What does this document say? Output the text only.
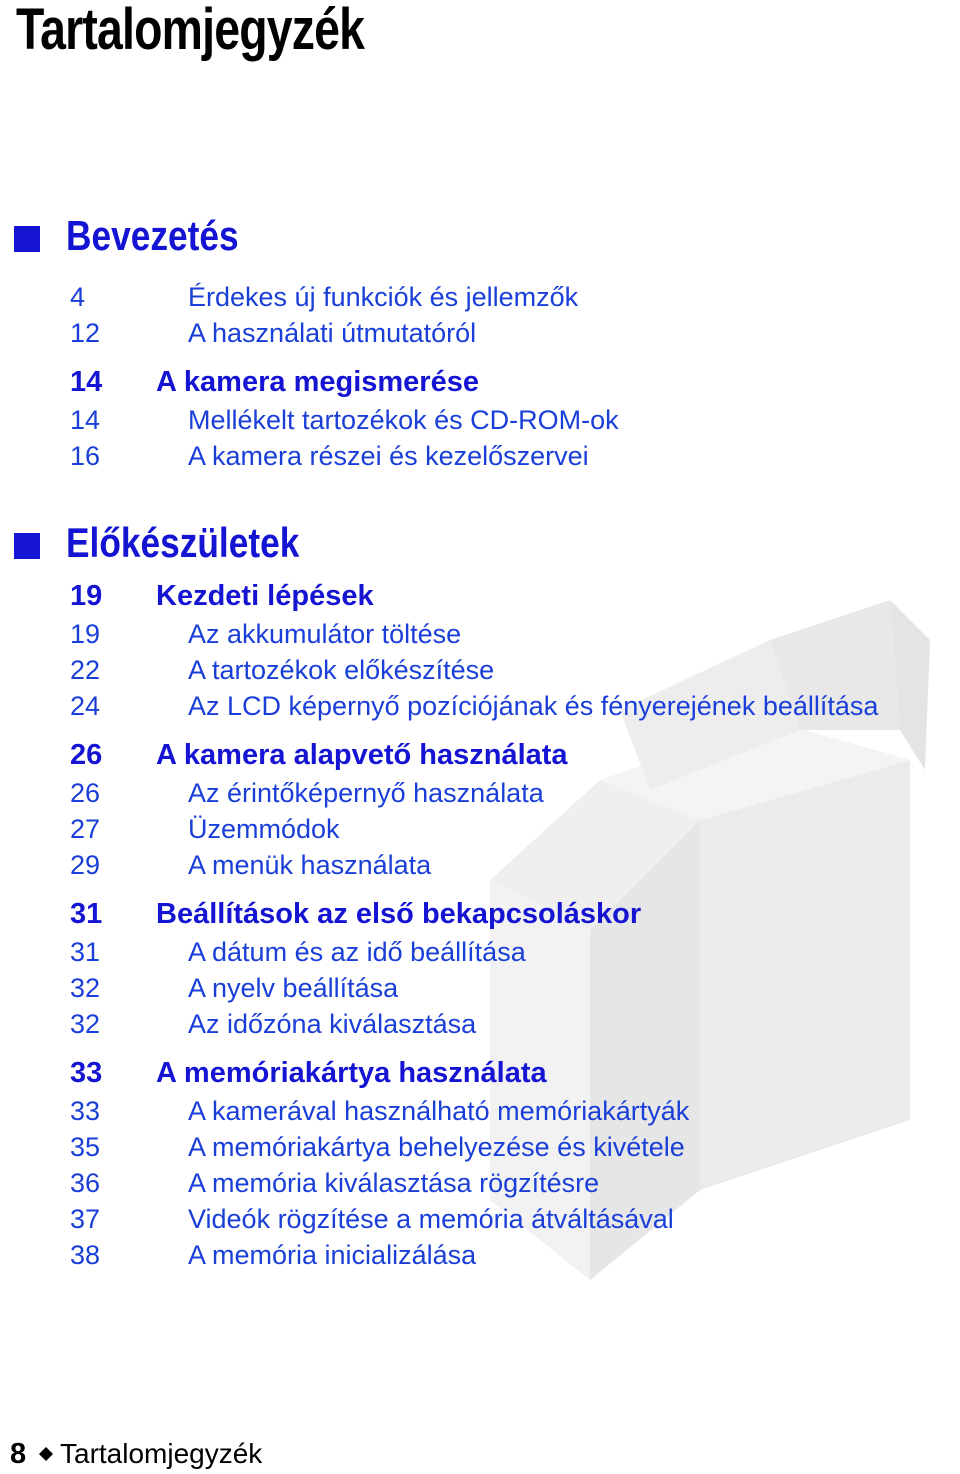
Tartalomjegyzék
Bevezetés
4	Érdekes új funkciók és jellemzők
12	A használati útmutatóról
14	A kamera megismerése
14	Mellékelt tartozékok és CD-ROM-ok
16	A kamera részei és kezelőszervei
Előkészületek
19	Kezdeti lépések
19	Az akkumulátor töltése
22	A tartozékok előkészítése
24	Az LCD képernyő pozíciójának és fényerejének beállítása
26	A kamera alapvető használata
26	Az érintőképernyő használata
27	Üzemmódok
29	A menük használata
31	Beállítások az első bekapcsoláskor
31	A dátum és az idő beállítása
32	A nyelv beállítása
32	Az időzóna kiválasztása
33	A memóriakártya használata
33	A kamerával használható memóriakártyák
35	A memóriakártya behelyezése és kivétele
36	A memória kiválasztása rögzítésre
37	Videók rögzítése a memória átváltásával
38	A memória inicializálása
8 Tartalomjegyzék
